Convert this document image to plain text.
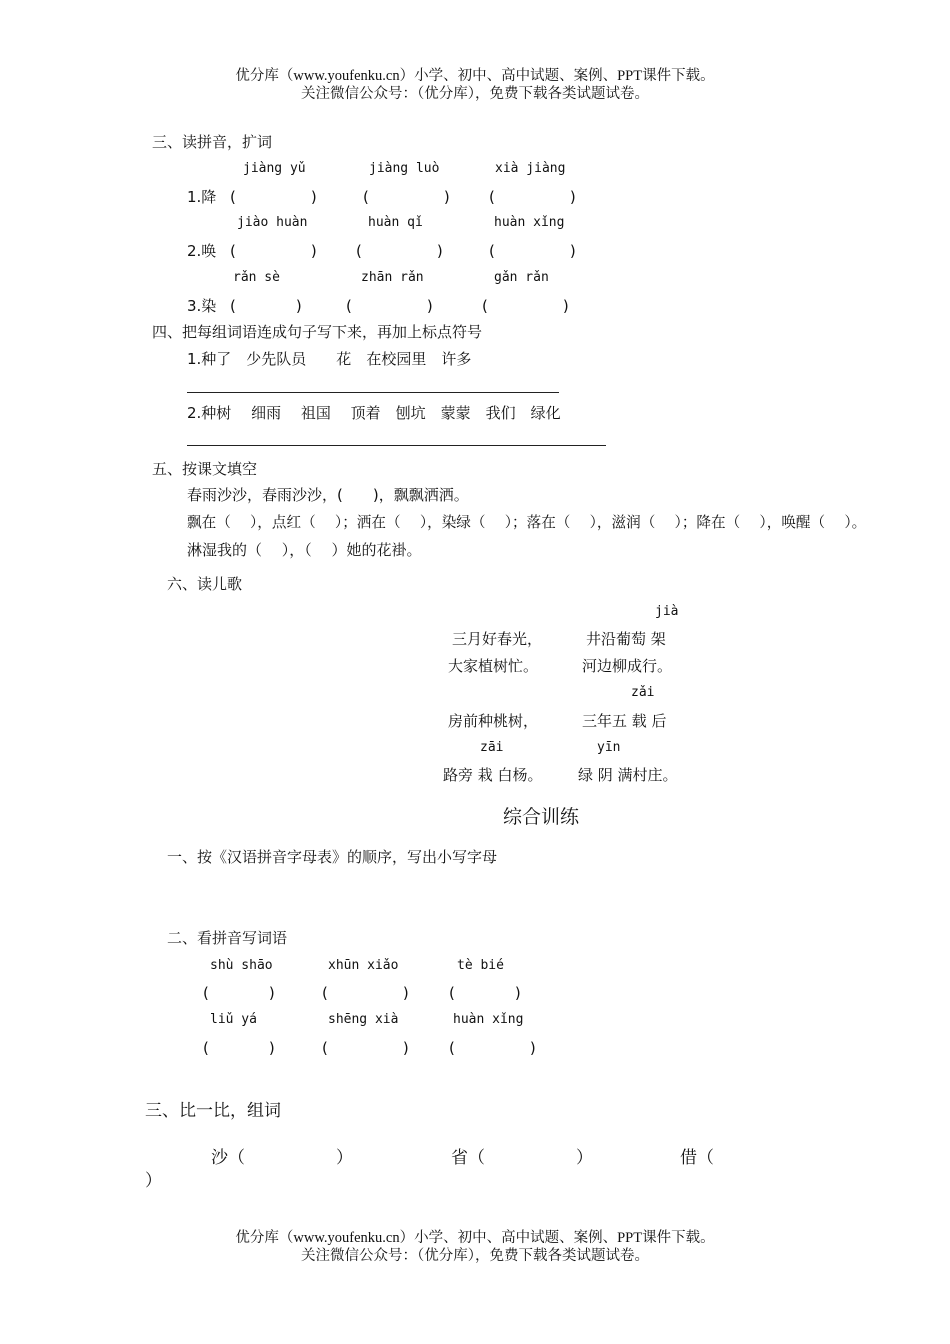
优分库（www.youfenku.cn）小学、初中、高中试题、案例、PPT课件下载。
关注微信公众号：（优分库），免费下载各类试题试卷。
三、读拼音，扩词
jiàng yǔ	jiàng luò	xià jiàng
1.降 (　　　　　)	(　　　　　)	(　　　　　)
jiào huàn	huàn qǐ	huàn xǐng
2.唤 (　　　　　)	(　　　　　)	(　　　　　)
rǎn sè	zhān rǎn	gǎn rǎn
3.染 (　　　　)	(　　　　　)	(　　　　　)
四、把每组词语连成句子写下来，再加上标点符号
1.种了　少先队员　　花　在校园里　许多
2.种树　 细雨　 祖国　 顶着　刨坑　蒙蒙　我们　绿化
五、按课文填空
春雨沙沙，春雨沙沙，(　　)，飘飘洒洒。
飘在（　 ），点红（　 ）；洒在（　 ），染绿（　 ）；落在（　 ），滋润（　 ）；降在（　 ），唤醒（　 ）。
淋湿我的（　 ），（　 ）她的花褂。
六、读儿歌
jià
三月好春光，	井沿葡萄 架
大家植树忙。	河边柳成行。
zǎi
房前种桃树，	三年五 载 后
zāi	yīn
路旁 栽 白杨。 绿 阴 满村庄。
综合训练
一、按《汉语拼音字母表》的顺序，写出小写字母
二、看拼音写词语
shù shāo	xhūn xiǎo	tè bié
(　　　　)	(　　　　　)	(　　　　)
liǔ yá	shēng xià	huàn xǐng
(　　　　)	(　　　　　)	(　　　　　)
三、比一比，组词
沙（	）	省（	）	借（
）
优分库（www.youfenku.cn）小学、初中、高中试题、案例、PPT课件下载。
关注微信公众号：（优分库），免费下载各类试题试卷。
